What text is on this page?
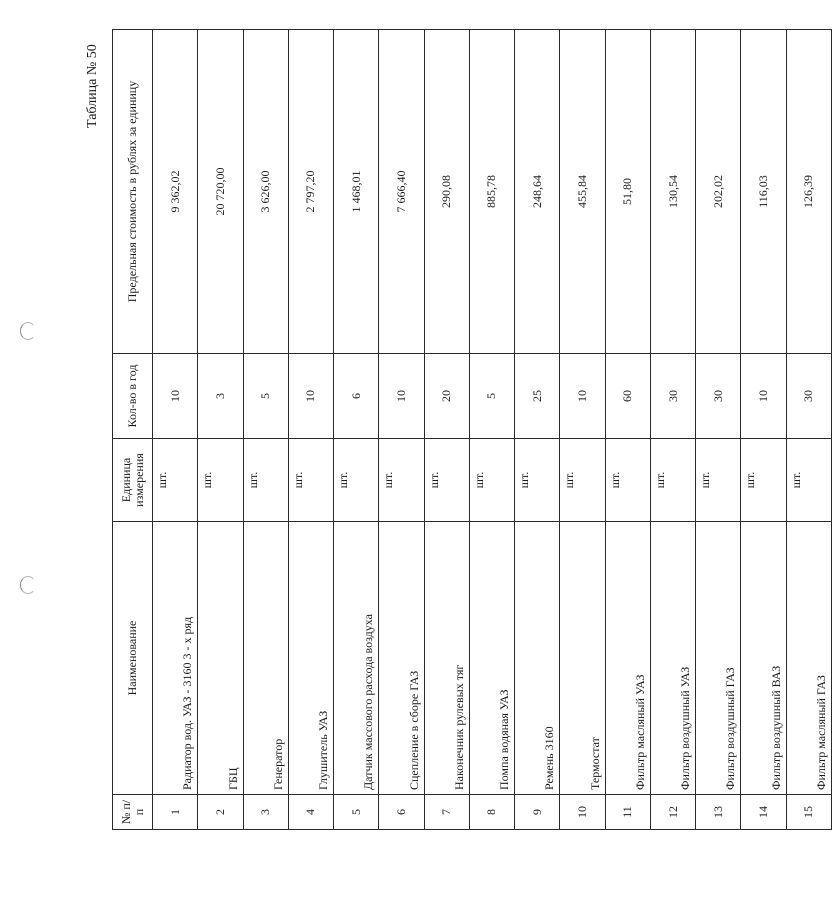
Таблица № 50
№ п/п	Наименование	Единица измерения	Кол-во в год	Предельная стоимость в рублях за единицу
1	Радиатор вод. УАЗ - 3160 3 - х ряд	шт.	10	9 362,02
2	ГБЦ	шт.	3	20 720,00
3	Генератор	шт.	5	3 626,00
4	Глушитель УАЗ	шт.	10	2 797,20
5	Датчик массового расхода воздуха	шт.	6	1 468,01
6	Сцепление в сборе ГАЗ	шт.	10	7 666,40
7	Наконечник рулевых тяг	шт.	20	290,08
8	Помпа водяная УАЗ	шт.	5	885,78
9	Ремень 3160	шт.	25	248,64
10	Термостат	шт.	10	455,84
11	Фильтр масляный УАЗ	шт.	60	51,80
12	Фильтр воздушный УАЗ	шт.	30	130,54
13	Фильтр воздушный ГАЗ	шт.	30	202,02
14	Фильтр воздушный ВАЗ	шт.	10	116,03
15	Фильтр масляный ГАЗ	шт.	30	126,39
